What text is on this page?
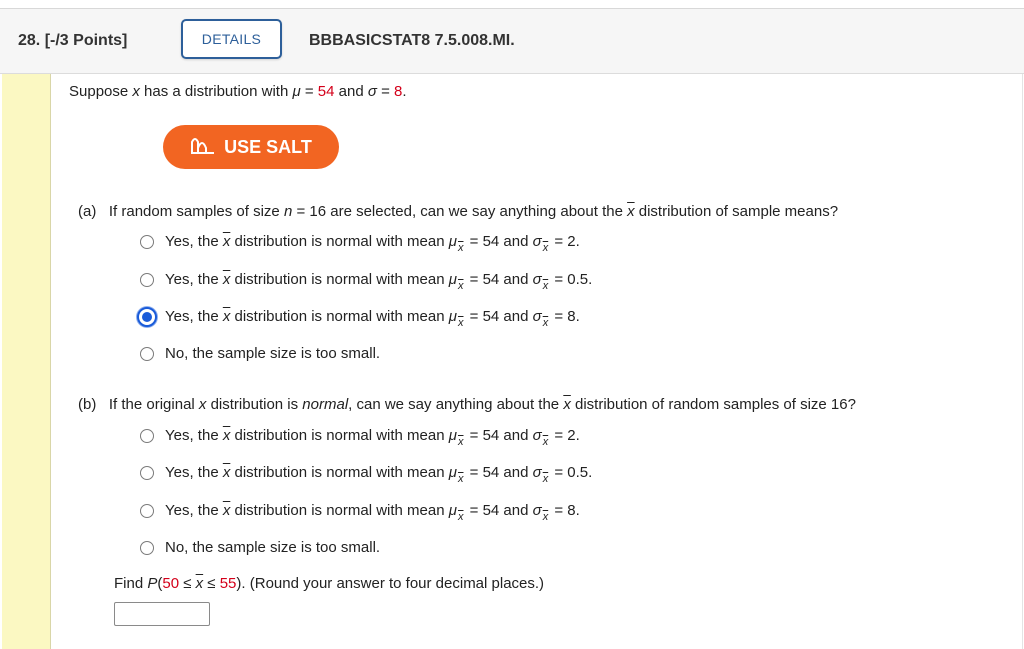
28. [-/3 Points]	DETAILS	BBBASICSTAT8 7.5.008.MI.
Suppose x has a distribution with μ = 54 and σ = 8.
USE SALT
(a) If random samples of size n = 16 are selected, can we say anything about the $\overline{x}$ distribution of sample means?
Yes, the $\overline{x}$ distribution is normal with mean $\mu_{\overline{x}} = 54$ and $\sigma_{\overline{x}} = 2$.
Yes, the $\overline{x}$ distribution is normal with mean $\mu_{\overline{x}} = 54$ and $\sigma_{\overline{x}} = 0.5$.
Yes, the $\overline{x}$ distribution is normal with mean $\mu_{\overline{x}} = 54$ and $\sigma_{\overline{x}} = 8$.
No, the sample size is too small.
(b) If the original x distribution is normal, can we say anything about the $\overline{x}$ distribution of random samples of size 16?
Yes, the $\overline{x}$ distribution is normal with mean $\mu_{\overline{x}} = 54$ and $\sigma_{\overline{x}} = 2$.
Yes, the $\overline{x}$ distribution is normal with mean $\mu_{\overline{x}} = 54$ and $\sigma_{\overline{x}} = 0.5$.
Yes, the $\overline{x}$ distribution is normal with mean $\mu_{\overline{x}} = 54$ and $\sigma_{\overline{x}} = 8$.
No, the sample size is too small.
Find $P(50 \le \overline{x} \le 55)$. (Round your answer to four decimal places.)
